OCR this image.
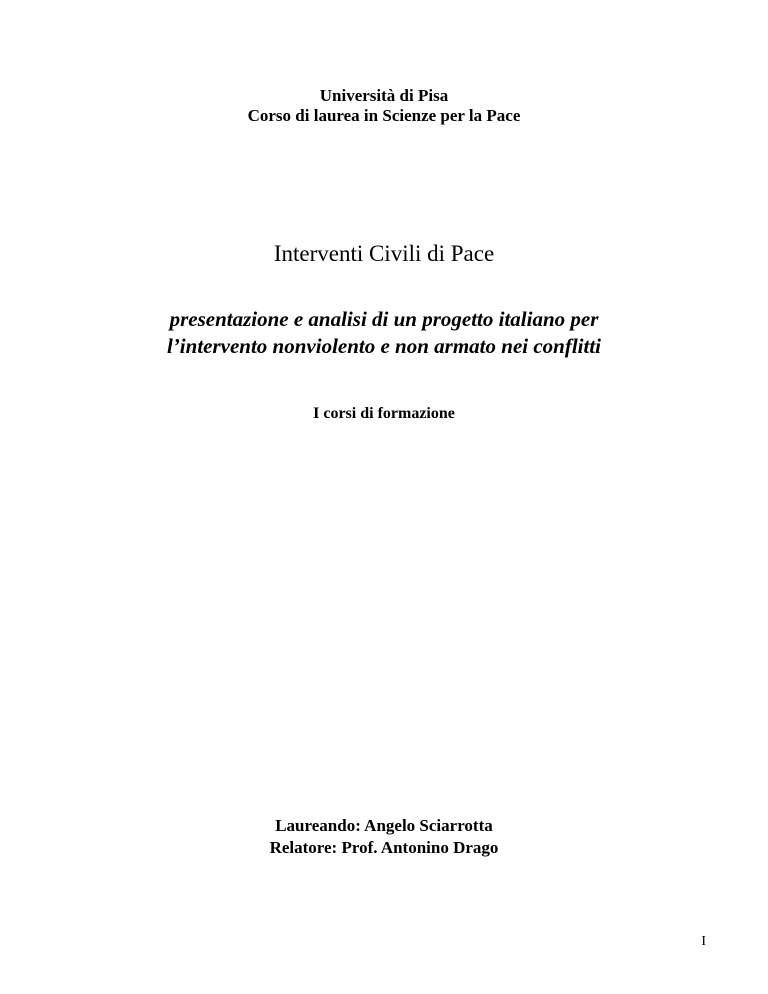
Università di Pisa
Corso di laurea in Scienze per la Pace
Interventi Civili di Pace
presentazione e analisi di un progetto italiano per
l’intervento nonviolento e non armato nei conflitti
I corsi di formazione
Laureando: Angelo Sciarrotta
Relatore: Prof. Antonino Drago
I
